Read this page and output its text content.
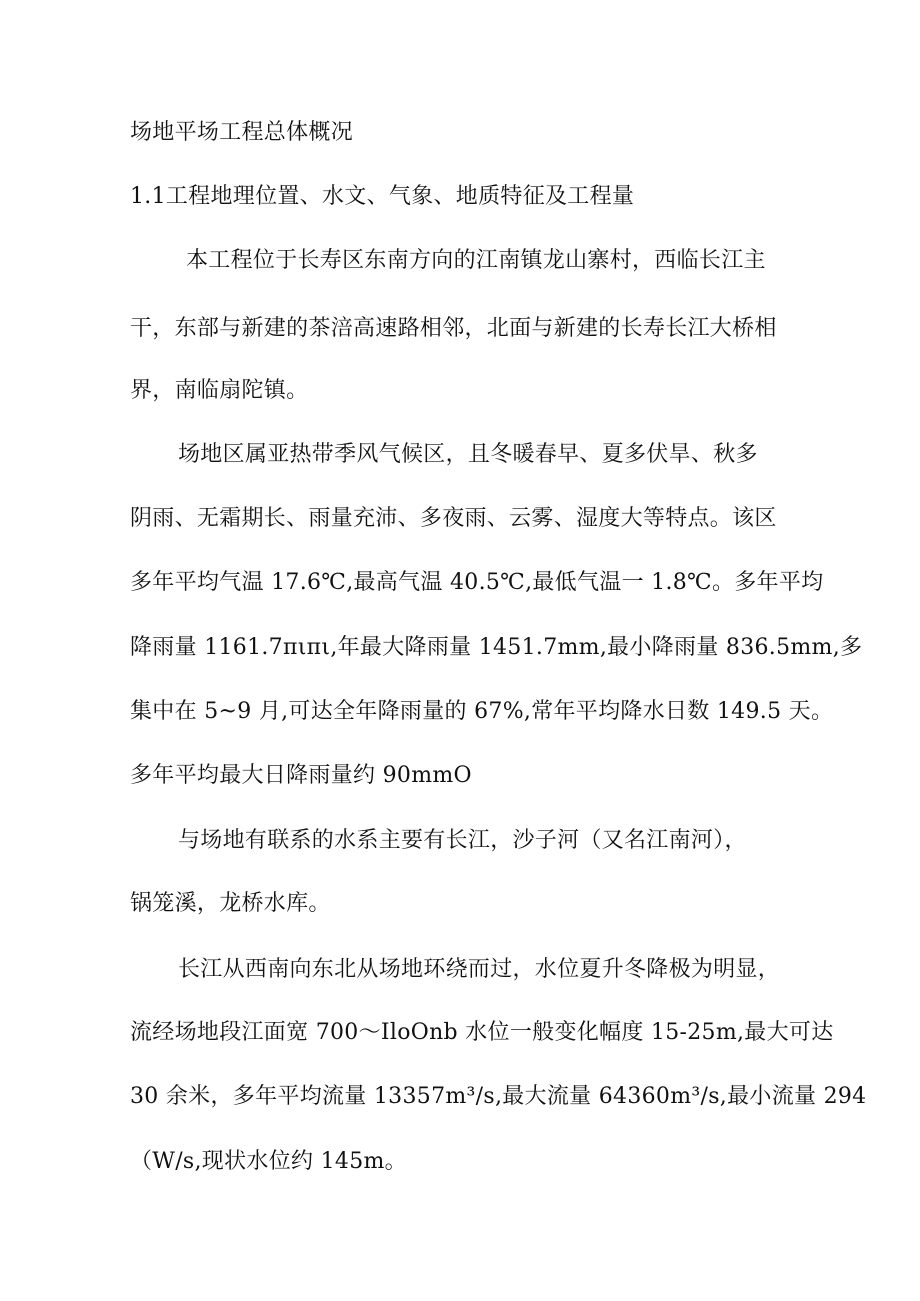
场地平场工程总体概况
1.1工程地理位置、水文、气象、地质特征及工程量
本工程位于长寿区东南方向的江南镇龙山寨村，西临长江主
干，东部与新建的茶涪高速路相邻，北面与新建的长寿长江大桥相
界，南临扇陀镇。
场地区属亚热带季风气候区，且冬暖春早、夏多伏旱、秋多
阴雨、无霜期长、雨量充沛、多夜雨、云雾、湿度大等特点。该区
多年平均气温 17.6℃,最高气温 40.5℃,最低气温一 1.8℃。多年平均
降雨量 1161.7πιπι,年最大降雨量 1451.7mm,最小降雨量 836.5mm,多
集中在 5~9 月,可达全年降雨量的 67%,常年平均降水日数 149.5 天。
多年平均最大日降雨量约 90mmO
与场地有联系的水系主要有长江，沙子河（又名江南河），
锅笼溪，龙桥水库。
长江从西南向东北从场地环绕而过，水位夏升冬降极为明显，
流经场地段江面宽 700～IloOnb 水位一般变化幅度 15-25m,最大可达
30 余米，多年平均流量 13357m³/s,最大流量 64360m³/s,最小流量 294
（W/s,现状水位约 145m。
